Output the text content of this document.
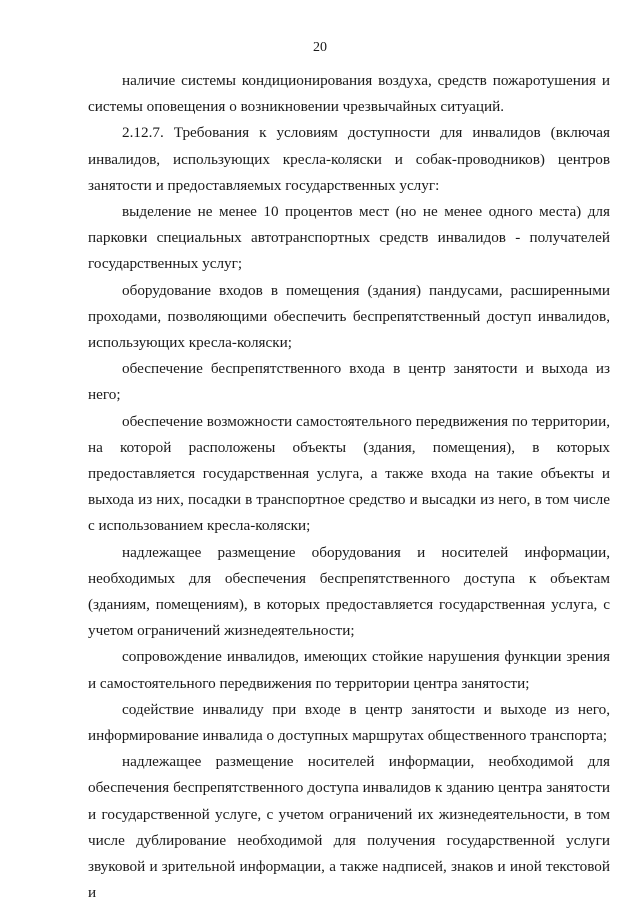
20

наличие системы кондиционирования воздуха, средств пожаротушения и системы оповещения о возникновении чрезвычайных ситуаций.

2.12.7. Требования к условиям доступности для инвалидов (включая инвалидов, использующих кресла-коляски и собак-проводников) центров занятости и предоставляемых государственных услуг:

выделение не менее 10 процентов мест (но не менее одного места) для парковки специальных автотранспортных средств инвалидов - получателей государственных услуг;

оборудование входов в помещения (здания) пандусами, расширенными проходами, позволяющими обеспечить беспрепятственный доступ инвалидов, использующих кресла-коляски;

обеспечение беспрепятственного входа в центр занятости и выхода из него;

обеспечение возможности самостоятельного передвижения по территории, на которой расположены объекты (здания, помещения), в которых предоставляется государственная услуга, а также входа на такие объекты и выхода из них, посадки в транспортное средство и высадки из него, в том числе с использованием кресла-коляски;

надлежащее размещение оборудования и носителей информации, необходимых для обеспечения беспрепятственного доступа к объектам (зданиям, помещениям), в которых предоставляется государственная услуга, с учетом ограничений жизнедеятельности;

сопровождение инвалидов, имеющих стойкие нарушения функции зрения и самостоятельного передвижения по территории центра занятости;

содействие инвалиду при входе в центр занятости и выходе из него, информирование инвалида о доступных маршрутах общественного транспорта;

надлежащее размещение носителей информации, необходимой для обеспечения беспрепятственного доступа инвалидов к зданию центра занятости и государственной услуге, с учетом ограничений их жизнедеятельности, в том числе дублирование необходимой для получения государственной услуги звуковой и зрительной информации, а также надписей, знаков и иной текстовой и
